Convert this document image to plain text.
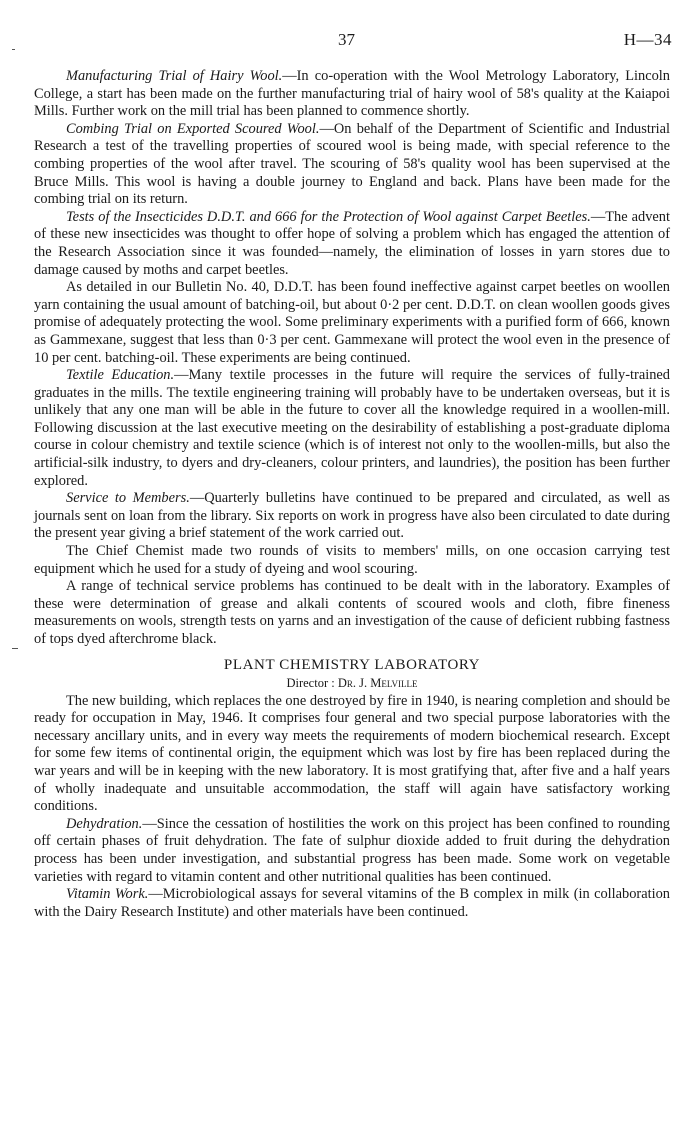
37	H—34

Manufacturing Trial of Hairy Wool.—In co-operation with the Wool Metrology Laboratory, Lincoln College, a start has been made on the further manufacturing trial of hairy wool of 58's quality at the Kaiapoi Mills. Further work on the mill trial has been planned to commence shortly.

Combing Trial on Exported Scoured Wool.—On behalf of the Department of Scientific and Industrial Research a test of the travelling properties of scoured wool is being made, with special reference to the combing properties of the wool after travel. The scouring of 58's quality wool has been supervised at the Bruce Mills. This wool is having a double journey to England and back. Plans have been made for the combing trial on its return.

Tests of the Insecticides D.D.T. and 666 for the Protection of Wool against Carpet Beetles.—The advent of these new insecticides was thought to offer hope of solving a problem which has engaged the attention of the Research Association since it was founded—namely, the elimination of losses in yarn stores due to damage caused by moths and carpet beetles.

As detailed in our Bulletin No. 40, D.D.T. has been found ineffective against carpet beetles on woollen yarn containing the usual amount of batching-oil, but about 0·2 per cent. D.D.T. on clean woollen goods gives promise of adequately protecting the wool. Some preliminary experiments with a purified form of 666, known as Gammexane, suggest that less than 0·3 per cent. Gammexane will protect the wool even in the presence of 10 per cent. batching-oil. These experiments are being continued.

Textile Education.—Many textile processes in the future will require the services of fully-trained graduates in the mills. The textile engineering training will probably have to be undertaken overseas, but it is unlikely that any one man will be able in the future to cover all the knowledge required in a woollen-mill. Following discussion at the last executive meeting on the desirability of establishing a post-graduate diploma course in colour chemistry and textile science (which is of interest not only to the woollen-mills, but also the artificial-silk industry, to dyers and dry-cleaners, colour printers, and laundries), the position has been further explored.

Service to Members.—Quarterly bulletins have continued to be prepared and circulated, as well as journals sent on loan from the library. Six reports on work in progress have also been circulated to date during the present year giving a brief statement of the work carried out.

The Chief Chemist made two rounds of visits to members' mills, on one occasion carrying test equipment which he used for a study of dyeing and wool scouring.

A range of technical service problems has continued to be dealt with in the laboratory. Examples of these were determination of grease and alkali contents of scoured wools and cloth, fibre fineness measurements on wools, strength tests on yarns and an investigation of the cause of deficient rubbing fastness of tops dyed afterchrome black.

PLANT CHEMISTRY LABORATORY
Director : Dr. J. Melville

The new building, which replaces the one destroyed by fire in 1940, is nearing completion and should be ready for occupation in May, 1946. It comprises four general and two special purpose laboratories with the necessary ancillary units, and in every way meets the requirements of modern biochemical research. Except for some few items of continental origin, the equipment which was lost by fire has been replaced during the war years and will be in keeping with the new laboratory. It is most gratifying that, after five and a half years of wholly inadequate and unsuitable accommodation, the staff will again have satisfactory working conditions.

Dehydration.—Since the cessation of hostilities the work on this project has been confined to rounding off certain phases of fruit dehydration. The fate of sulphur dioxide added to fruit during the dehydration process has been under investigation, and substantial progress has been made. Some work on vegetable varieties with regard to vitamin content and other nutritional qualities has been continued.

Vitamin Work.—Microbiological assays for several vitamins of the B complex in milk (in collaboration with the Dairy Research Institute) and other materials have been continued.
